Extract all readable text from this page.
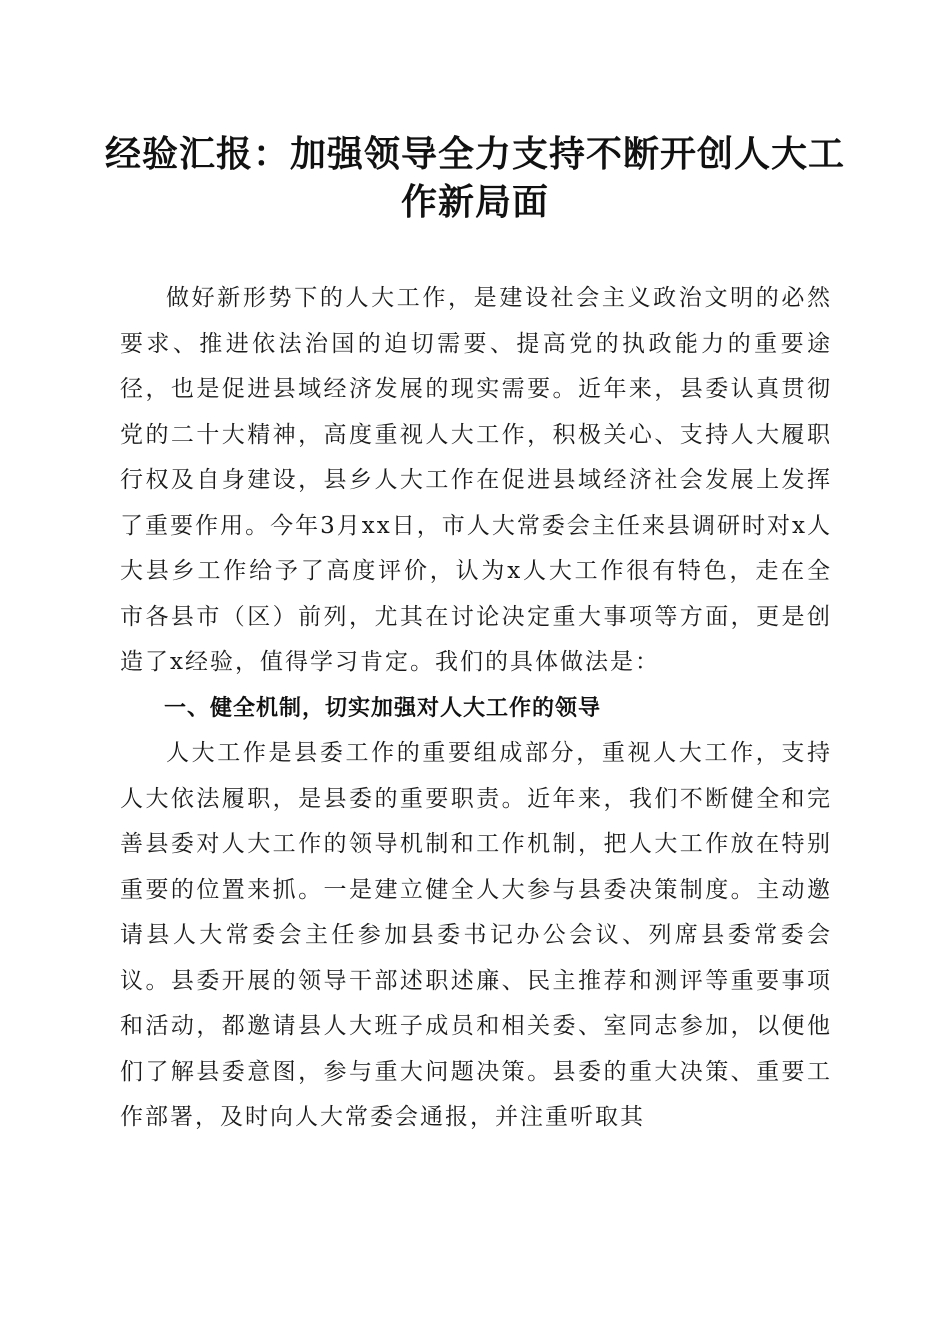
经验汇报：加强领导全力支持不断开创人大工作新局面

做好新形势下的人大工作，是建设社会主义政治文明的必然要求、推进依法治国的迫切需要、提高党的执政能力的重要途径，也是促进县域经济发展的现实需要。近年来，县委认真贯彻党的二十大精神，高度重视人大工作，积极关心、支持人大履职行权及自身建设，县乡人大工作在促进县域经济社会发展上发挥了重要作用。今年3月xx日，市人大常委会主任来县调研时对x人大县乡工作给予了高度评价，认为x人大工作很有特色，走在全市各县市（区）前列，尤其在讨论决定重大事项等方面，更是创造了x经验，值得学习肯定。我们的具体做法是：

一、健全机制，切实加强对人大工作的领导

人大工作是县委工作的重要组成部分，重视人大工作，支持人大依法履职，是县委的重要职责。近年来，我们不断健全和完善县委对人大工作的领导机制和工作机制，把人大工作放在特别重要的位置来抓。一是建立健全人大参与县委决策制度。主动邀请县人大常委会主任参加县委书记办公会议、列席县委常委会议。县委开展的领导干部述职述廉、民主推荐和测评等重要事项和活动，都邀请县人大班子成员和相关委、室同志参加，以便他们了解县委意图，参与重大问题决策。县委的重大决策、重要工作部署，及时向人大常委会通报，并注重听取其
